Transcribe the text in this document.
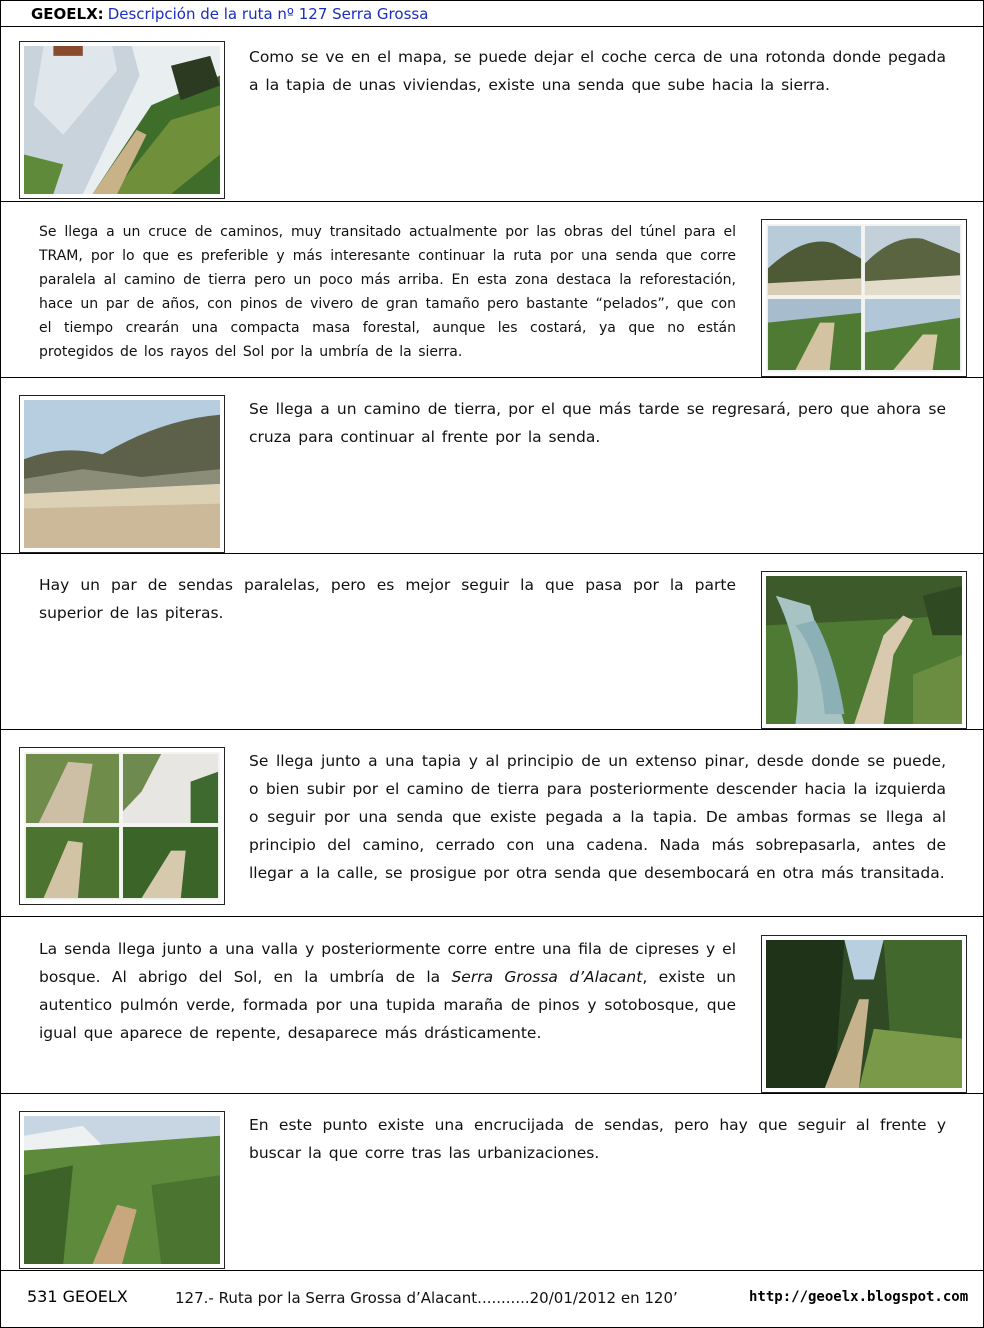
GEOELX: Descripción de la ruta nº 127 Serra Grossa

Como se ve en el mapa, se puede dejar el coche cerca de una rotonda donde pegada a la tapia de unas viviendas, existe una senda que sube hacia la sierra.

Se llega a un cruce de caminos, muy transitado actualmente por las obras del túnel para el TRAM, por lo que es preferible y más interesante continuar la ruta por una senda que corre paralela al camino de tierra pero un poco más arriba. En esta zona destaca la reforestación, hace un par de años, con pinos de vivero de gran tamaño pero bastante “pelados”, que con el tiempo crearán una compacta masa forestal, aunque les costará, ya que no están protegidos de los rayos del Sol por la umbría de la sierra.

Se llega a un camino de tierra, por el que más tarde se regresará, pero que ahora se cruza para continuar al frente por la senda.

Hay un par de sendas paralelas, pero es mejor seguir la que pasa por la parte superior de las piteras.

Se llega junto a una tapia y al principio de un extenso pinar, desde donde se puede, o bien subir por el camino de tierra para posteriormente descender hacia la izquierda o seguir por una senda que existe pegada a la tapia. De ambas formas se llega al principio del camino, cerrado con una cadena. Nada más sobrepasarla, antes de llegar a la calle, se prosigue por otra senda que desembocará en otra más transitada.

La senda llega junto a una valla y posteriormente corre entre una fila de cipreses y el bosque. Al abrigo del Sol, en la umbría de la Serra Grossa d’Alacant, existe un autentico pulmón verde, formada por una tupida maraña de pinos y sotobosque, que igual que aparece de repente, desaparece más drásticamente.

En este punto existe una encrucijada de sendas, pero hay que seguir al frente y buscar la que corre tras las urbanizaciones.

531 GEOELX	127.- Ruta por la Serra Grossa d’Alacant...........20/01/2012 en 120’	http://geoelx.blogspot.com
